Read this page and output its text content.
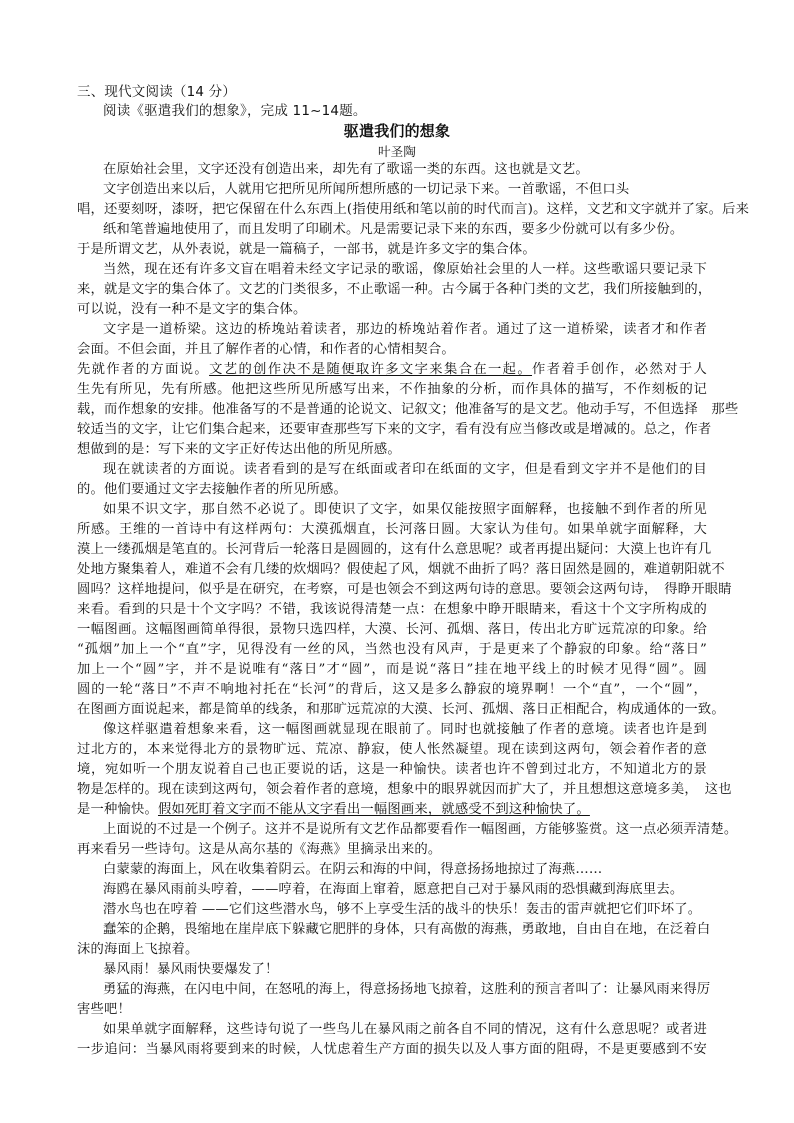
三、现代文阅读（14 分）
阅读《驱遣我们的想象》，完成 11~14题。
驱遣我们的想象
叶圣陶
在原始社会里，文字还没有创造出来，却先有了歌谣一类的东西。这也就是文艺。
文字创造出来以后，人就用它把所见所闻所想所感的一切记录下来。一首歌谣，不但口头
唱，还要刻呀，漆呀，把它保留在什么东西上(指使用纸和笔以前的时代而言)。这样，文艺和文字就并了家。后来
纸和笔普遍地使用了，而且发明了印刷术。凡是需要记录下来的东西，要多少份就可以有多少份。
于是所谓文艺，从外表说，就是一篇稿子，一部书，就是许多文字的集合体。
当然，现在还有许多文盲在唱着未经文字记录的歌谣，像原始社会里的人一样。这些歌谣只要记录下
来，就是文字的集合体了。文艺的门类很多，不止歌谣一种。古今属于各种门类的文艺，我们所接触到的，
可以说，没有一种不是文字的集合体。
文字是一道桥梁。这边的桥堍站着读者，那边的桥堍站着作者。通过了这一道桥梁，读者才和作者
会面。不但会面，并且了解作者的心情，和作者的心情相契合。
先就作者的方面说。文艺的创作决不是随便取许多文字来集合在一起。作者着手创作，必然对于人
生先有所见，先有所感。他把这些所见所感写出来，不作抽象的分析，而作具体的描写，不作刻板的记
载，而作想象的安排。他准备写的不是普通的论说文、记叙文；他准备写的是文艺。他动手写，不但选择　那些
较适当的文字，让它们集合起来，还要审查那些写下来的文字，看有没有应当修改或是增减的。总之，作者
想做到的是：写下来的文字正好传达出他的所见所感。
现在就读者的方面说。读者看到的是写在纸面或者印在纸面的文字，但是看到文字并不是他们的目
的。他们要通过文字去接触作者的所见所感。
如果不识文字，那自然不必说了。即使识了文字，如果仅能按照字面解释，也接触不到作者的所见
所感。王维的一首诗中有这样两句：大漠孤烟直，长河落日圆。大家认为佳句。如果单就字面解释，大
漠上一缕孤烟是笔直的。长河背后一轮落日是圆圆的，这有什么意思呢？或者再提出疑问：大漠上也许有几
处地方聚集着人，难道不会有几缕的炊烟吗？假使起了风，烟就不曲折了吗？落日固然是圆的，难道朝阳就不
圆吗？这样地提问，似乎是在研究，在考察，可是也领会不到这两句诗的意思。要领会这两句诗，　得睁开眼睛
来看。看到的只是十个文字吗？不错，我该说得清楚一点：在想象中睁开眼睛来，看这十个文字所构成的
一幅图画。这幅图画简单得很，景物只选四样，大漠、长河、孤烟、落日，传出北方旷远荒凉的印象。给
“孤烟”加上一个“直”字，见得没有一丝的风，当然也没有风声，于是更来了个静寂的印象。给“落日”
加上一个“圆”字，并不是说唯有“落日”才“圆”，而是说“落日”挂在地平线上的时候才见得“圆”。圆
圆的一轮“落日”不声不响地衬托在“长河”的背后，这又是多么静寂的境界啊！一个“直”，一个“圆”，
在图画方面说起来，都是简单的线条，和那旷远荒凉的大漠、长河、孤烟、落日正相配合，构成通体的一致。
像这样驱遣着想象来看，这一幅图画就显现在眼前了。同时也就接触了作者的意境。读者也许是到
过北方的，本来觉得北方的景物旷远、荒凉、静寂，使人怅然凝望。现在读到这两句，领会着作者的意
境，宛如听一个朋友说着自己也正要说的话，这是一种愉快。读者也许不曾到过北方，不知道北方的景
物是怎样的。现在读到这两句，领会着作者的意境，想象中的眼界就因而扩大了，并且想想这意境多美，　这也
是一种愉快。假如死盯着文字而不能从文字看出一幅图画来，就感受不到这种愉快了。
上面说的不过是一个例子。这并不是说所有文艺作品都要看作一幅图画，方能够鉴赏。这一点必须弄清楚。
再来看另一些诗句。这是从高尔基的《海燕》里摘录出来的。
白蒙蒙的海面上，风在收集着阴云。在阴云和海的中间，得意扬扬地掠过了海燕……
海鸥在暴风雨前头哼着，——哼着，在海面上窜着，愿意把自己对于暴风雨的恐惧藏到海底里去。
潜水鸟也在哼着 ——它们这些潜水鸟，够不上享受生活的战斗的快乐！轰击的雷声就把它们吓坏了。
蠢笨的企鹅，畏缩地在崖岸底下躲藏它肥胖的身体，只有高傲的海燕，勇敢地，自由自在地，在泛着白
沫的海面上飞掠着。
暴风雨！暴风雨快要爆发了！
勇猛的海燕，在闪电中间，在怒吼的海上，得意扬扬地飞掠着，这胜利的预言者叫了：让暴风雨来得厉
害些吧！
如果单就字面解释，这些诗句说了一些鸟儿在暴风雨之前各自不同的情况，这有什么意思呢？或者进
一步追问：当暴风雨将要到来的时候，人忧虑着生产方面的损失以及人事方面的阻碍，不是更要感到不安
